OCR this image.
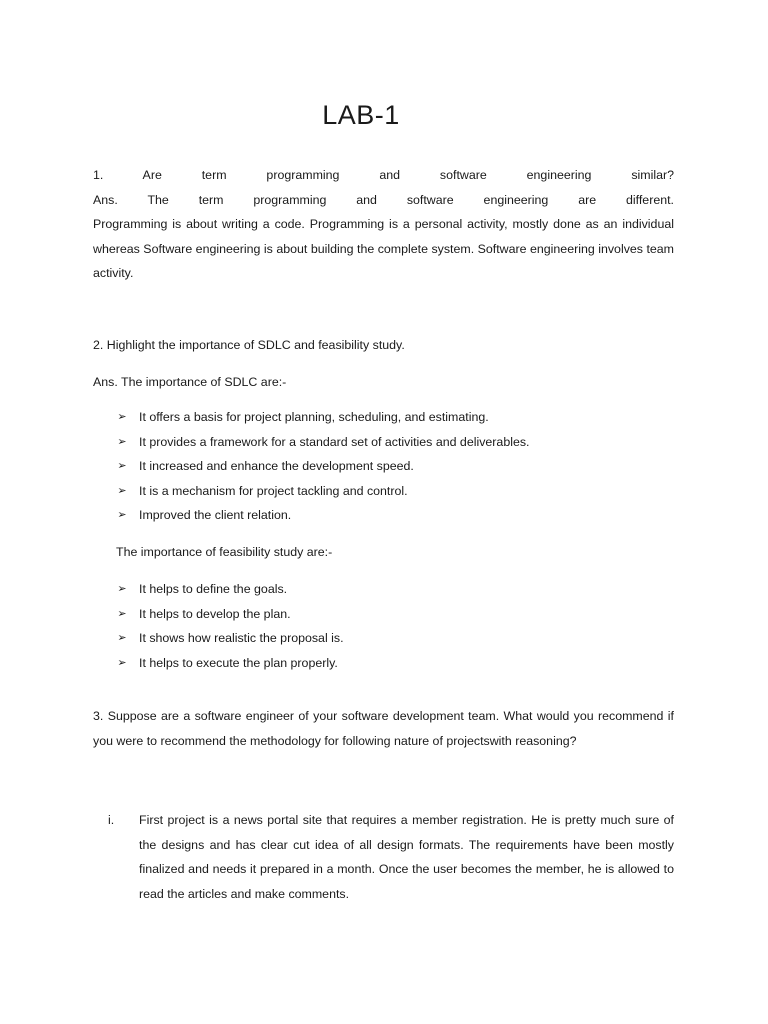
LAB-1

1. Are term programming and software engineering similar?

Ans. The term programming and software engineering are different.

Programming is about writing a code. Programming is a personal activity, mostly done as an individual whereas Software engineering is about building the complete system. Software engineering involves team activity.

2. Highlight the importance of SDLC and feasibility study.

Ans. The importance of SDLC are:-

➢ It offers a basis for project planning, scheduling, and estimating.
➢ It provides a framework for a standard set of activities and deliverables.
➢ It increased and enhance the development speed.
➢ It is a mechanism for project tackling and control.
➢ Improved the client relation.

The importance of feasibility study are:-

➢ It helps to define the goals.
➢ It helps to develop the plan.
➢ It shows how realistic the proposal is.
➢ It helps to execute the plan properly.

3. Suppose are a software engineer of your software development team. What would you recommend if you were to recommend the methodology for following nature of projectswith reasoning?

i. First project is a news portal site that requires a member registration. He is pretty much sure of the designs and has clear cut idea of all design formats. The requirements have been mostly finalized and needs it prepared in a month. Once the user becomes the member, he is allowed to read the articles and make comments.
